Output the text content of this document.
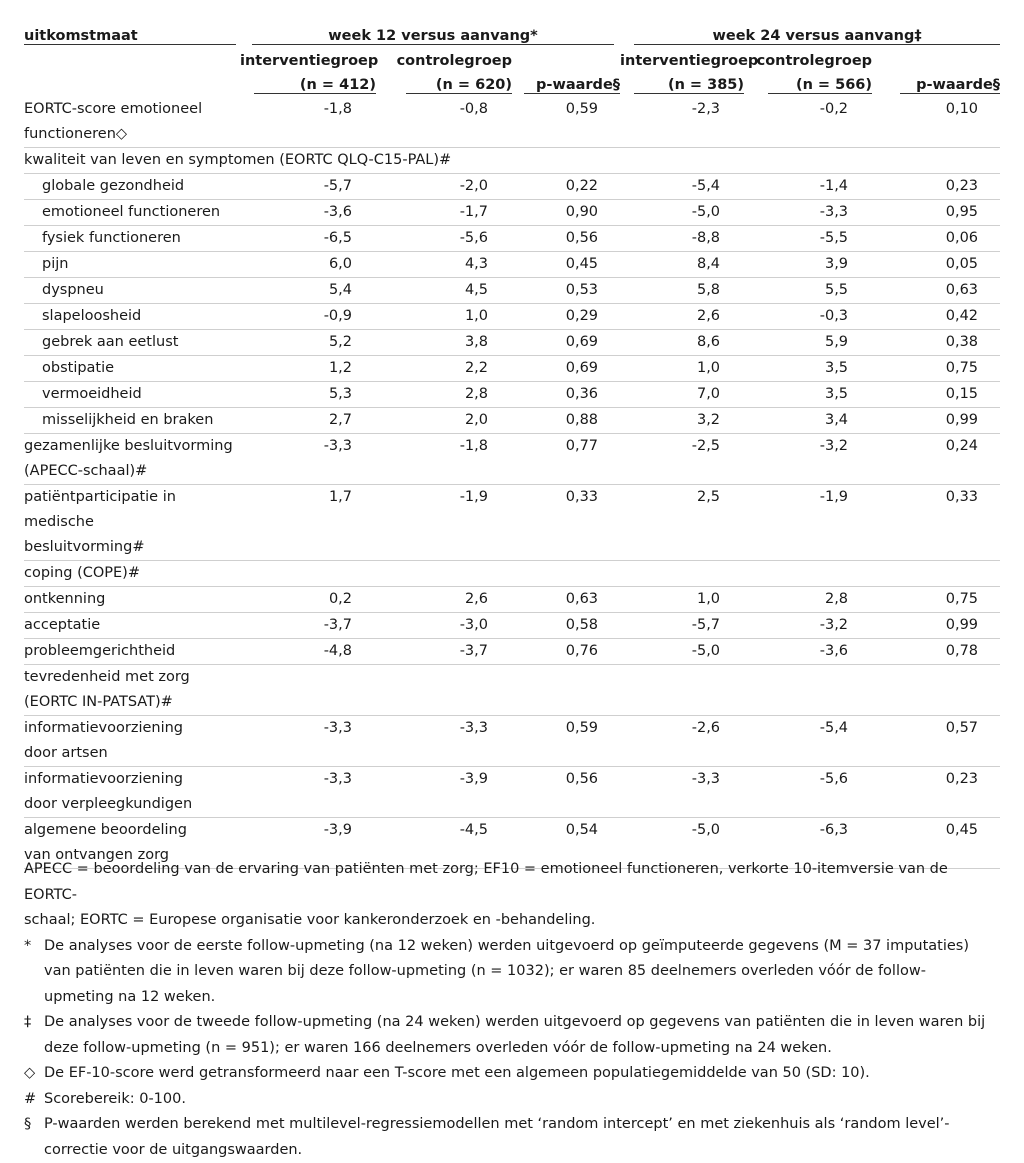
uitkomstmaat	week 12 versus aanvang*			week 24 versus aanvang‡		

	interventiegroep	controlegroep		interventiegroep	controlegroep	

	(n = 412)	(n = 620)	p-waarde§	(n = 385)	(n = 566)	p-waarde§

EORTC-score emotioneel
functioneren◇	-1,8	-0,8	0,59	-2,3	-0,2	0,10

kwaliteit van leven en symptomen (EORTC QLQ-C15-PAL)#						

globale gezondheid	-5,7	-2,0	0,22	-5,4	-1,4	0,23

emotioneel functioneren	-3,6	-1,7	0,90	-5,0	-3,3	0,95

fysiek functioneren	-6,5	-5,6	0,56	-8,8	-5,5	0,06

pijn	6,0	4,3	0,45	8,4	3,9	0,05

dyspneu	5,4	4,5	0,53	5,8	5,5	0,63

slapeloosheid	-0,9	1,0	0,29	2,6	-0,3	0,42

gebrek aan eetlust	5,2	3,8	0,69	8,6	5,9	0,38

obstipatie	1,2	2,2	0,69	1,0	3,5	0,75

vermoeidheid	5,3	2,8	0,36	7,0	3,5	0,15

misselijkheid en braken	2,7	2,0	0,88	3,2	3,4	0,99

gezamenlijke besluitvorming
(APECC-schaal)#	-3,3	-1,8	0,77	-2,5	-3,2	0,24

patiëntparticipatie in medische
besluitvorming#	1,7	-1,9	0,33	2,5	-1,9	0,33

coping (COPE)#						

ontkenning	0,2	2,6	0,63	1,0	2,8	0,75

acceptatie	-3,7	-3,0	0,58	-5,7	-3,2	0,99

probleemgerichtheid	-4,8	-3,7	0,76	-5,0	-3,6	0,78

tevredenheid met zorg
(EORTC IN-PATSAT)#						

informatievoorziening
door artsen	-3,3	-3,3	0,59	-2,6	-5,4	0,57

informatievoorziening
door verpleegkundigen	-3,3	-3,9	0,56	-3,3	-5,6	0,23

algemene beoordeling
van ontvangen zorg	-3,9	-4,5	0,54	-5,0	-6,3	0,45
APECC = beoordeling van de ervaring van patiënten met zorg; EF10 = emotioneel functioneren, verkorte 10-itemversie van de EORTC-
schaal; EORTC = Europese organisatie voor kankeronderzoek en -behandeling.
* De analyses voor de eerste follow-upmeting (na 12 weken) werden uitgevoerd op geïmputeerde gegevens (M = 37 imputaties) van patiënten die in leven waren bij deze follow-upmeting (n = 1032); er waren 85 deelnemers overleden vóór de follow-upmeting na 12 weken.
‡ De analyses voor de tweede follow-upmeting (na 24 weken) werden uitgevoerd op gegevens van patiënten die in leven waren bij deze follow-upmeting (n = 951); er waren 166 deelnemers overleden vóór de follow-upmeting na 24 weken.
◇ De EF-10-score werd getransformeerd naar een T-score met een algemeen populatiegemiddelde van 50 (SD: 10).
# Scorebereik: 0-100.
§ P-waarden werden berekend met multilevel-regressiemodellen met ‘random intercept’ en met ziekenhuis als ‘random level’-correctie voor de uitgangswaarden.
